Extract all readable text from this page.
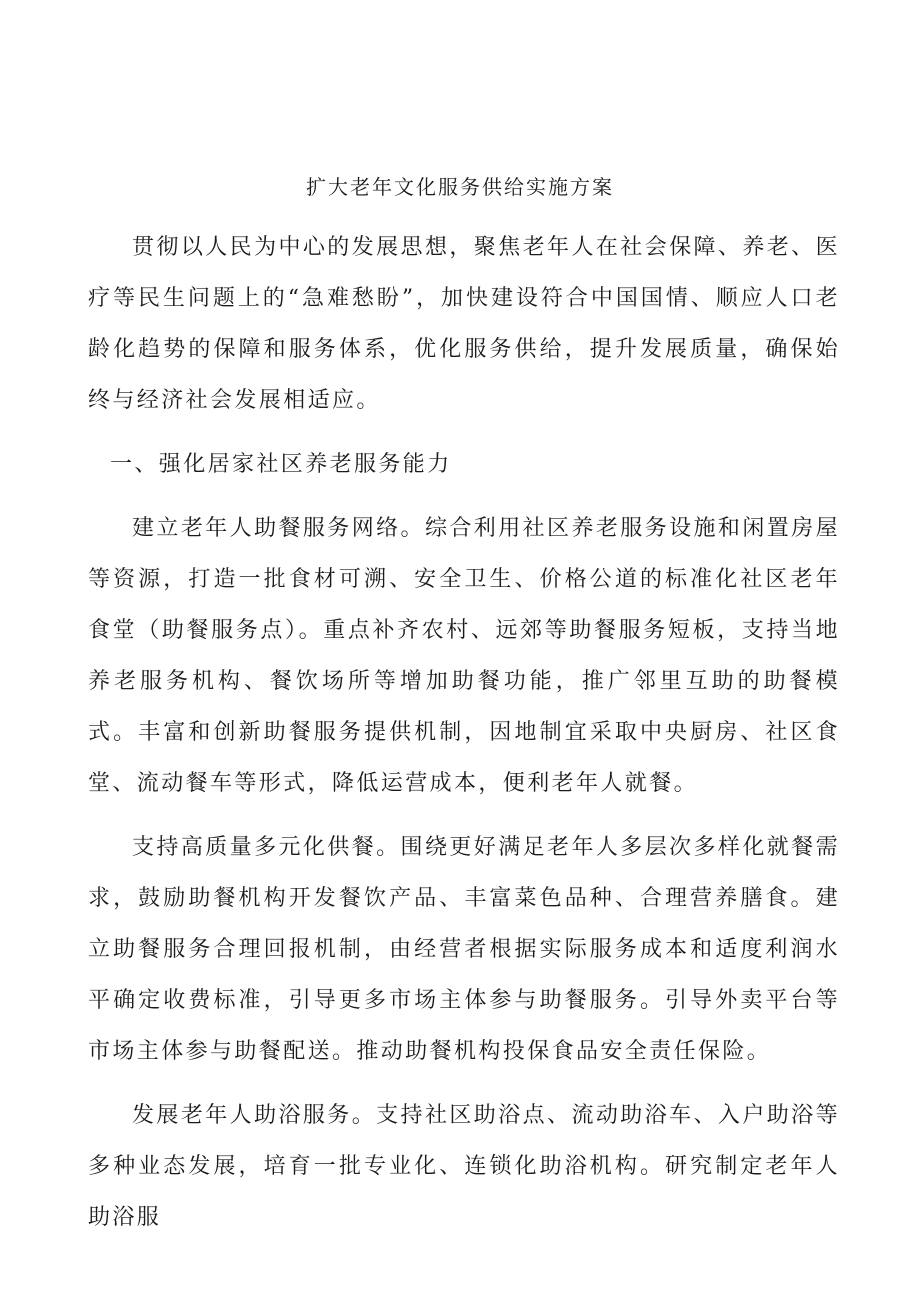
扩大老年文化服务供给实施方案

贯彻以人民为中心的发展思想，聚焦老年人在社会保障、养老、医疗等民生问题上的“急难愁盼”，加快建设符合中国国情、顺应人口老龄化趋势的保障和服务体系，优化服务供给，提升发展质量，确保始终与经济社会发展相适应。

一、强化居家社区养老服务能力

建立老年人助餐服务网络。综合利用社区养老服务设施和闲置房屋等资源，打造一批食材可溯、安全卫生、价格公道的标准化社区老年食堂（助餐服务点）。重点补齐农村、远郊等助餐服务短板，支持当地养老服务机构、餐饮场所等增加助餐功能，推广邻里互助的助餐模式。丰富和创新助餐服务提供机制，因地制宜采取中央厨房、社区食堂、流动餐车等形式，降低运营成本，便利老年人就餐。

支持高质量多元化供餐。围绕更好满足老年人多层次多样化就餐需求，鼓励助餐机构开发餐饮产品、丰富菜色品种、合理营养膳食。建立助餐服务合理回报机制，由经营者根据实际服务成本和适度利润水平确定收费标准，引导更多市场主体参与助餐服务。引导外卖平台等市场主体参与助餐配送。推动助餐机构投保食品安全责任保险。

发展老年人助浴服务。支持社区助浴点、流动助浴车、入户助浴等多种业态发展，培育一批专业化、连锁化助浴机构。研究制定老年人助浴服
